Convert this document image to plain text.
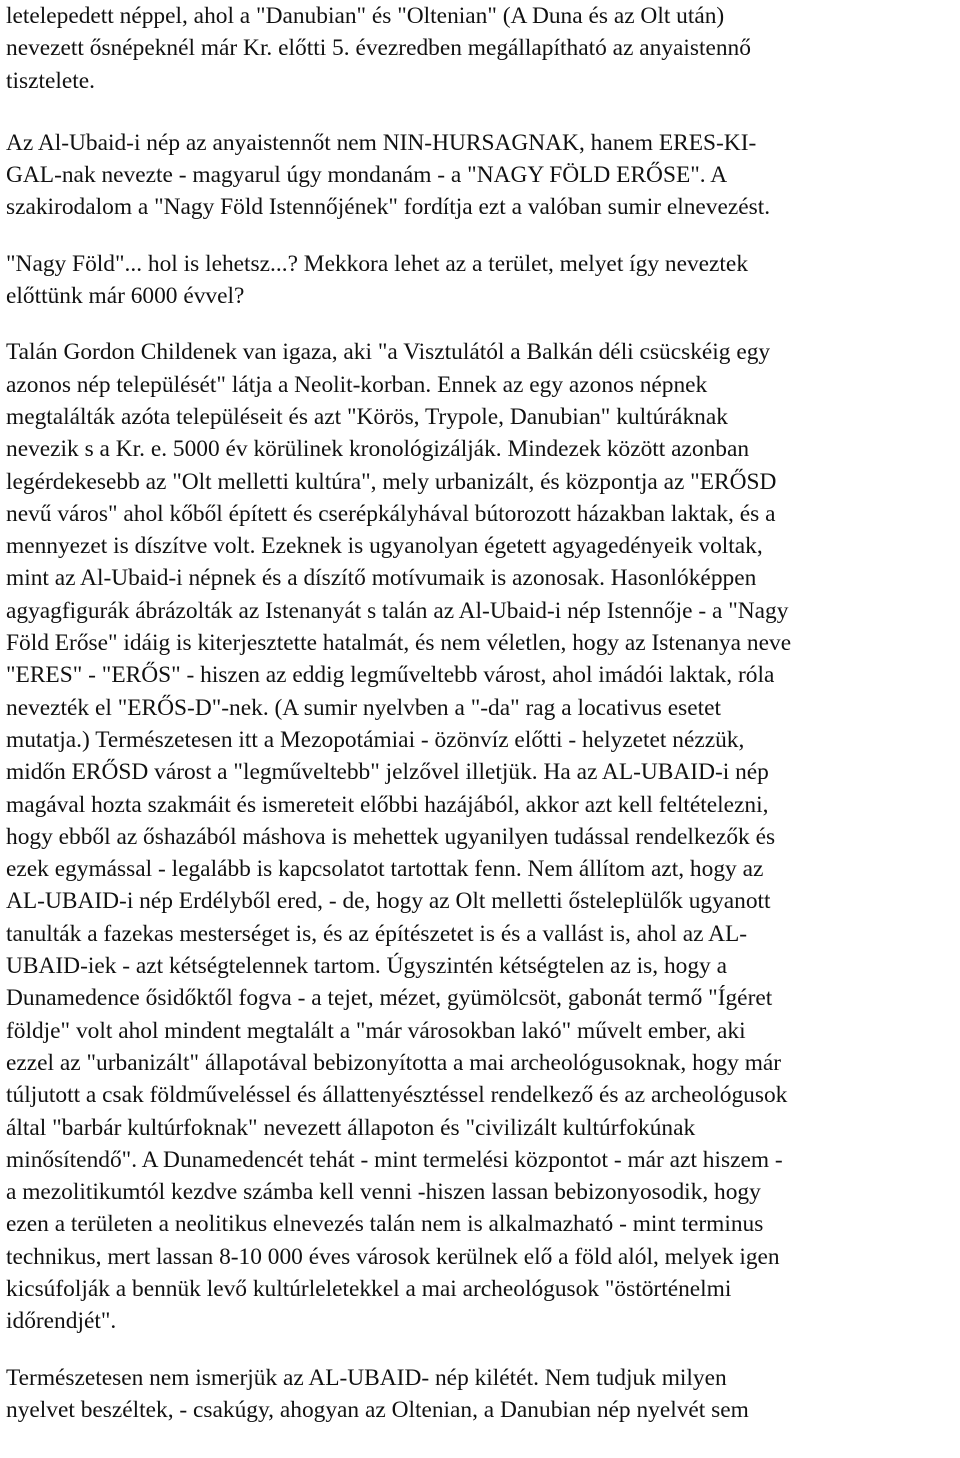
letelepedett néppel, ahol a "Danubian" és "Oltenian" (A Duna és az Olt után)
nevezett ősnépeknél már Kr. előtti 5. évezredben megállapítható az anyaistennő
tisztelete.

Az Al-Ubaid-i nép az anyaistennőt nem NIN-HURSAGNAK, hanem ERES-KI-
GAL-nak nevezte - magyarul úgy mondanám - a "NAGY FÖLD ERŐSE". A
szakirodalom a "Nagy Föld Istennőjének" fordítja ezt a valóban sumir elnevezést.

"Nagy Föld"... hol is lehetsz...? Mekkora lehet az a terület, melyet így neveztek
előttünk már 6000 évvel?

Talán Gordon Childenek van igaza, aki "a Visztulától a Balkán déli csücskéig egy
azonos nép települését" látja a Neolit-korban. Ennek az egy azonos népnek
megtalálták azóta településeit és azt "Körös, Trypole, Danubian" kultúráknak
nevezik s a Kr. e. 5000 év körülinek kronológizálják. Mindezek között azonban
legérdekesebb az "Olt melletti kultúra", mely urbanizált, és központja az "ERŐSD
nevű város" ahol kőből épített és cserépkályhával bútorozott házakban laktak, és a
mennyezet is díszítve volt. Ezeknek is ugyanolyan égetett agyagedényeik voltak,
mint az Al-Ubaid-i népnek és a díszítő motívumaik is azonosak. Hasonlóképpen
agyagfigurák ábrázolták az Istenanyát s talán az Al-Ubaid-i nép Istennője - a "Nagy
Föld Erőse" idáig is kiterjesztette hatalmát, és nem véletlen, hogy az Istenanya neve
"ERES" - "ERŐS" - hiszen az eddig legműveltebb várost, ahol imádói laktak, róla
nevezték el "ERŐS-D"-nek. (A sumir nyelvben a "-da" rag a locativus esetet
mutatja.) Természetesen itt a Mezopotámiai - özönvíz előtti - helyzetet nézzük,
midőn ERŐSD várost a "legműveltebb" jelzővel illetjük. Ha az AL-UBAID-i nép
magával hozta szakmáit és ismereteit előbbi hazájából, akkor azt kell feltételezni,
hogy ebből az őshazából máshova is mehettek ugyanilyen tudással rendelkezők és
ezek egymással - legalább is kapcsolatot tartottak fenn. Nem állítom azt, hogy az
AL-UBAID-i nép Erdélyből ered, - de, hogy az Olt melletti ősteleplülők ugyanott
tanulták a fazekas mesterséget is, és az építészetet is és a vallást is, ahol az AL-
UBAID-iek - azt kétségtelennek tartom. Úgyszintén kétségtelen az is, hogy a
Dunamedence ősidőktől fogva - a tejet, mézet, gyümölcsöt, gabonát termő "Ígéret
földje" volt ahol mindent megtalált a "már városokban lakó" művelt ember, aki
ezzel az "urbanizált" állapotával bebizonyította a mai archeológusoknak, hogy már
túljutott a csak földműveléssel és állattenyésztéssel rendelkező és az archeológusok
által "barbár kultúrfoknak" nevezett állapoton és "civilizált kultúrfokúnak
minősítendő". A Dunamedencét tehát - mint termelési központot - már azt hiszem -
a mezolitikumtól kezdve számba kell venni -hiszen lassan bebizonyosodik, hogy
ezen a területen a neolitikus elnevezés talán nem is alkalmazható - mint terminus
technikus, mert lassan 8-10 000 éves városok kerülnek elő a föld alól, melyek igen
kicsúfolják a bennük levő kultúrleletekkel a mai archeológusok "östörténelmi
időrendjét".

Természetesen nem ismerjük az AL-UBAID- nép kilétét. Nem tudjuk milyen
nyelvet beszéltek, - csakúgy, ahogyan az Oltenian, a Danubian nép nyelvét sem
